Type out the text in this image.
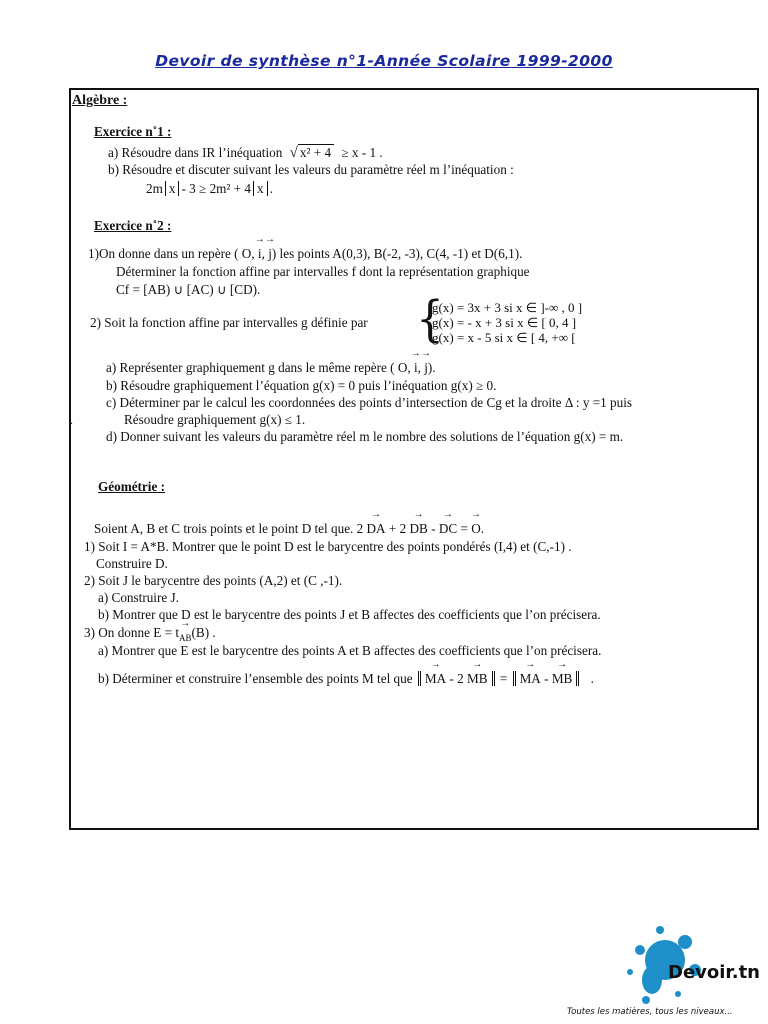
Devoir de synthèse n°1-Année Scolaire 1999-2000
Algèbre :
Exercice n˚1 :
a) Résoudre dans IR l’inéquation √ x² + 4 ≥ x - 1 .
b) Résoudre et discuter suivant les valeurs du paramètre réel m l’inéquation :
2m x - 3 ≥ 2m² + 4 x .
Exercice n˚2 :
1)On donne dans un repère ( O, → i, → j) les points A(0,3), B(-2, -3), C(4, -1) et D(6,1).
Déterminer la fonction affine par intervalles f dont la représentation graphique
Cf = [AB) ∪ [AC) ∪ [CD).
2) Soit la fonction affine par intervalles g définie par {
g(x) = 3x + 3 si x ∈ ]-∞ , 0 ]
g(x) = - x + 3 si x ∈ [ 0, 4 ]
g(x) = x - 5 si x ∈ [ 4, +∞ [
a) Représenter graphiquement g dans le même repère ( O, → i, → j).
b) Résoudre graphiquement l’équation g(x) = 0 puis l’inéquation g(x) ≥ 0.
c) Déterminer par le calcul les coordonnées des points d’intersection de Cg et la droite Δ : y =1 puis
.	Résoudre graphiquement g(x) ≤ 1.
d) Donner suivant les valeurs du paramètre réel m le nombre des solutions de l’équation g(x) = m.
Géométrie :
Soient A, B et C trois points et le point D tel que. 2 → DA + 2 → DB - → DC = → O.
1) Soit I = A*B. Montrer que le point D est le barycentre des points pondérés (I,4) et (C,-1) .
Construire D.
2) Soit J le barycentre des points (A,2) et (C ,-1).
a) Construire J.
b) Montrer que D est le barycentre des points J et B affectes des coefficients que l’on précisera.
3) On donne E = t→ $_{AB}$(B) .
a) Montrer que E est le barycentre des points A et B affectes des coefficients que l’on précisera.
b) Déterminer et construire l’ensemble des points M tel que → MA - 2 → MB = → MA - → MB .
Devoir.tn
Toutes les matières, tous les niveaux...
